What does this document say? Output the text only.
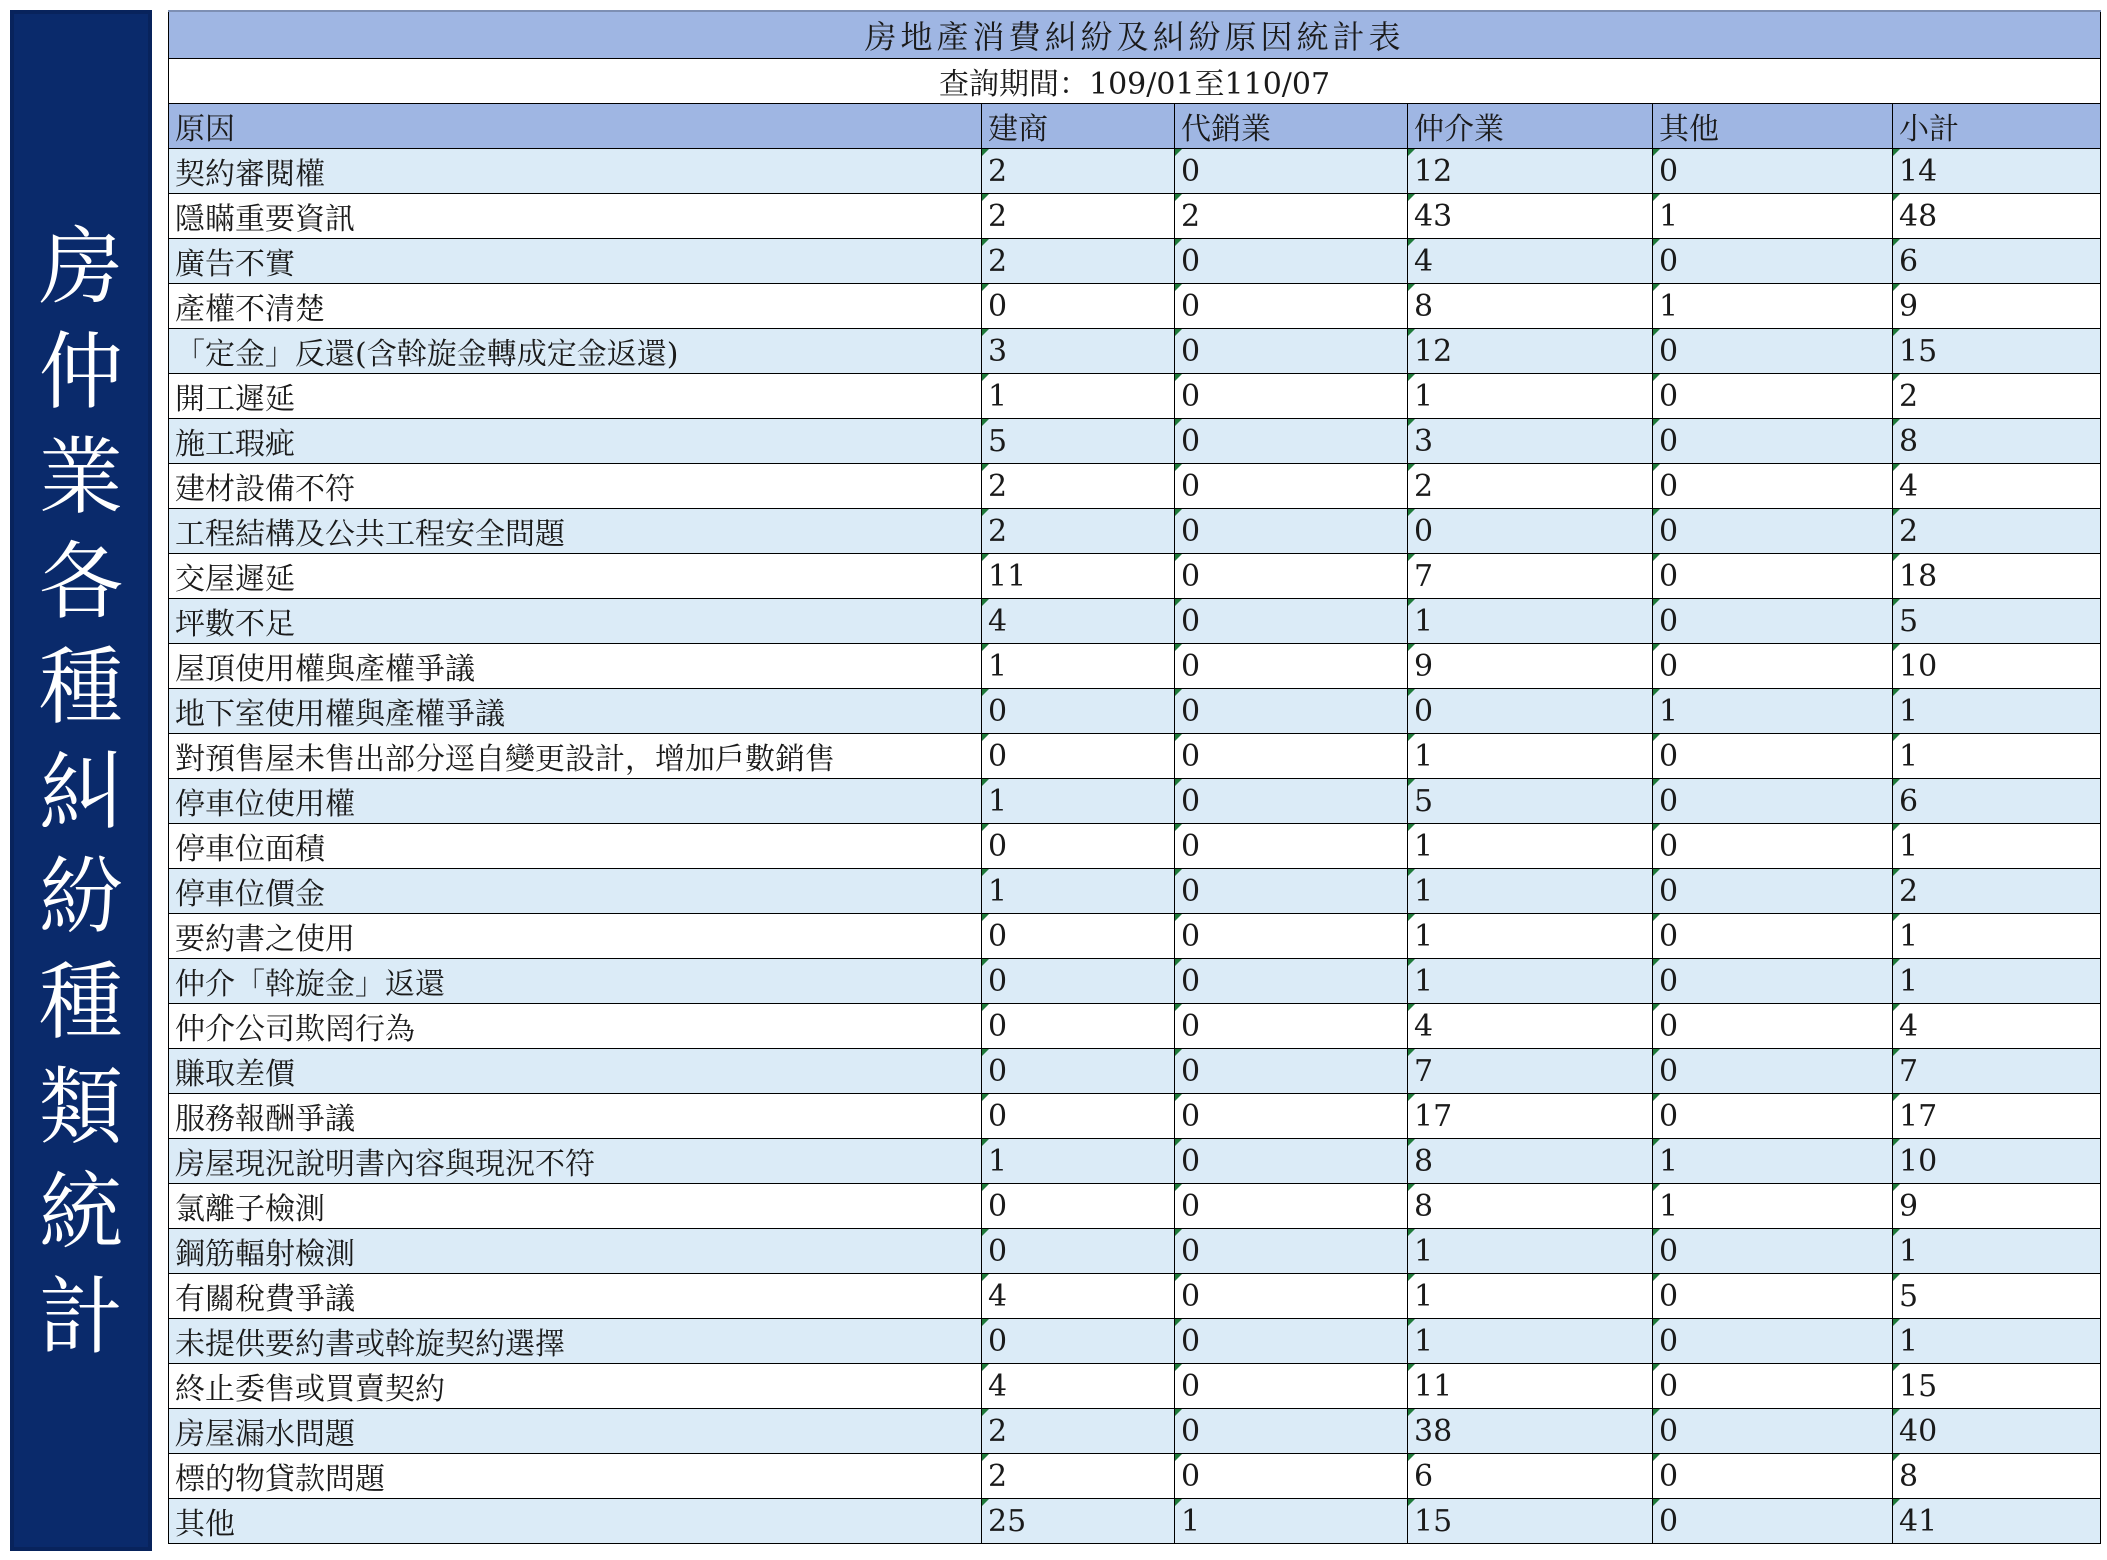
房仲業各種糾紛種類統計
房地產消費糾紛及糾紛原因統計表					
查詢期間：109/01至110/07					
原因	建商	代銷業	仲介業	其他	小計
契約審閱權	2	0	12	0	14
隱瞞重要資訊	2	2	43	1	48
廣告不實	2	0	4	0	6
產權不清楚	0	0	8	1	9
「定金」反還(含斡旋金轉成定金返還)	3	0	12	0	15
開工遲延	1	0	1	0	2
施工瑕疵	5	0	3	0	8
建材設備不符	2	0	2	0	4
工程結構及公共工程安全問題	2	0	0	0	2
交屋遲延	11	0	7	0	18
坪數不足	4	0	1	0	5
屋頂使用權與產權爭議	1	0	9	0	10
地下室使用權與產權爭議	0	0	0	1	1
對預售屋未售出部分逕自變更設計，增加戶數銷售	0	0	1	0	1
停車位使用權	1	0	5	0	6
停車位面積	0	0	1	0	1
停車位價金	1	0	1	0	2
要約書之使用	0	0	1	0	1
仲介「斡旋金」返還	0	0	1	0	1
仲介公司欺罔行為	0	0	4	0	4
賺取差價	0	0	7	0	7
服務報酬爭議	0	0	17	0	17
房屋現況說明書內容與現況不符	1	0	8	1	10
氯離子檢測	0	0	8	1	9
鋼筋輻射檢測	0	0	1	0	1
有關稅費爭議	4	0	1	0	5
未提供要約書或斡旋契約選擇	0	0	1	0	1
終止委售或買賣契約	4	0	11	0	15
房屋漏水問題	2	0	38	0	40
標的物貸款問題	2	0	6	0	8
其他	25	1	15	0	41
